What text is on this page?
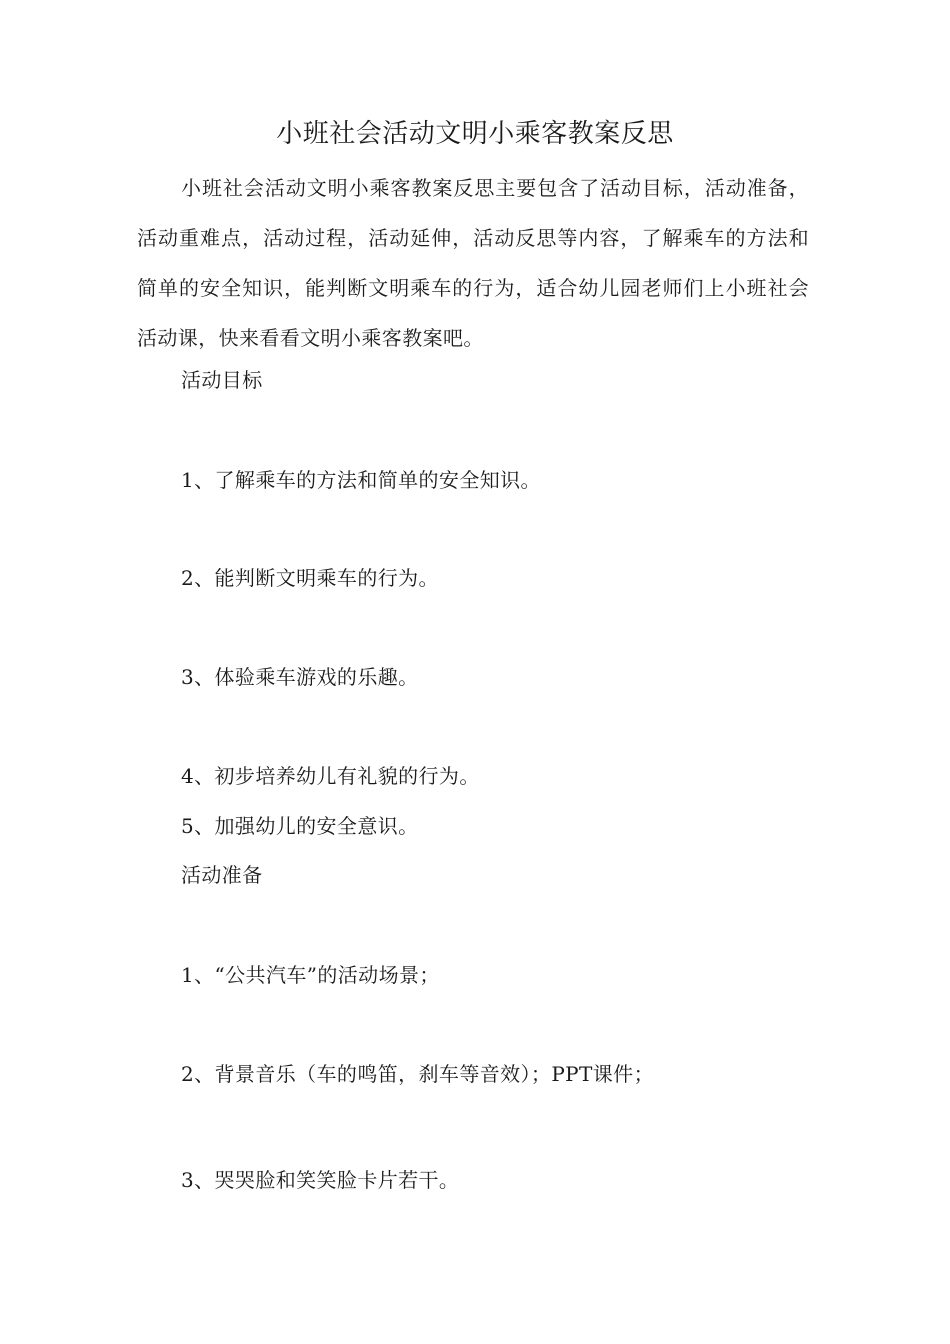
小班社会活动文明小乘客教案反思

小班社会活动文明小乘客教案反思主要包含了活动目标，活动准备，活动重难点，活动过程，活动延伸，活动反思等内容，了解乘车的方法和简单的安全知识，能判断文明乘车的行为，适合幼儿园老师们上小班社会活动课，快来看看文明小乘客教案吧。

活动目标

1、了解乘车的方法和简单的安全知识。

2、能判断文明乘车的行为。

3、体验乘车游戏的乐趣。

4、初步培养幼儿有礼貌的行为。

5、加强幼儿的安全意识。

活动准备

1、“公共汽车”的活动场景；

2、背景音乐（车的鸣笛，刹车等音效）；PPT课件；

3、哭哭脸和笑笑脸卡片若干。
